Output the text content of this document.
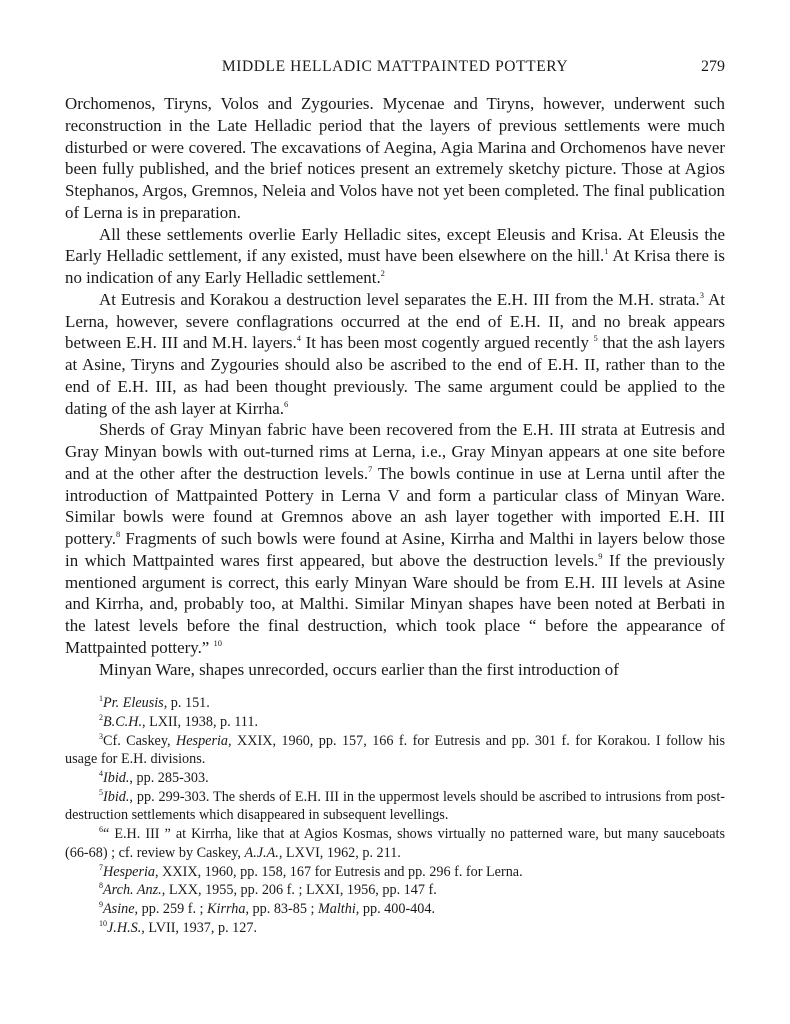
MIDDLE HELLADIC MATTPAINTED POTTERY	279

Orchomenos, Tiryns, Volos and Zygouries. Mycenae and Tiryns, however, underwent such reconstruction in the Late Helladic period that the layers of previous settlements were much disturbed or were covered. The excavations of Aegina, Agia Marina and Orchomenos have never been fully published, and the brief notices present an extremely sketchy picture. Those at Agios Stephanos, Argos, Gremnos, Neleia and Volos have not yet been completed. The final publication of Lerna is in preparation.

All these settlements overlie Early Helladic sites, except Eleusis and Krisa. At Eleusis the Early Helladic settlement, if any existed, must have been elsewhere on the hill.$^1$ At Krisa there is no indication of any Early Helladic settlement.$^2$

At Eutresis and Korakou a destruction level separates the E.H. III from the M.H. strata.$^3$ At Lerna, however, severe conflagrations occurred at the end of E.H. II, and no break appears between E.H. III and M.H. layers.$^4$ It has been most cogently argued recently $^5$ that the ash layers at Asine, Tiryns and Zygouries should also be ascribed to the end of E.H. II, rather than to the end of E.H. III, as had been thought previously. The same argument could be applied to the dating of the ash layer at Kirrha.$^6$

Sherds of Gray Minyan fabric have been recovered from the E.H. III strata at Eutresis and Gray Minyan bowls with out-turned rims at Lerna, i.e., Gray Minyan appears at one site before and at the other after the destruction levels.$^7$ The bowls continue in use at Lerna until after the introduction of Mattpainted Pottery in Lerna V and form a particular class of Minyan Ware. Similar bowls were found at Gremnos above an ash layer together with imported E.H. III pottery.$^8$ Fragments of such bowls were found at Asine, Kirrha and Malthi in layers below those in which Mattpainted wares first appeared, but above the destruction levels.$^9$ If the previously mentioned argument is correct, this early Minyan Ware should be from E.H. III levels at Asine and Kirrha, and, probably too, at Malthi. Similar Minyan shapes have been noted at Berbati in the latest levels before the final destruction, which took place “ before the appearance of Mattpainted pottery.” $^{10}$

Minyan Ware, shapes unrecorded, occurs earlier than the first introduction of

$^1$Pr. Eleusis, p. 151.

$^2$B.C.H., LXII, 1938, p. 111.

$^3$Cf. Caskey, Hesperia, XXIX, 1960, pp. 157, 166 f. for Eutresis and pp. 301 f. for Korakou. I follow his usage for E.H. divisions.

$^4$Ibid., pp. 285-303.

$^5$Ibid., pp. 299-303. The sherds of E.H. III in the uppermost levels should be ascribed to intrusions from post-destruction settlements which disappeared in subsequent levellings.

$^6$“ E.H. III ” at Kirrha, like that at Agios Kosmas, shows virtually no patterned ware, but many sauceboats (66-68) ; cf. review by Caskey, A.J.A., LXVI, 1962, p. 211.

$^7$Hesperia, XXIX, 1960, pp. 158, 167 for Eutresis and pp. 296 f. for Lerna.

$^8$Arch. Anz., LXX, 1955, pp. 206 f. ; LXXI, 1956, pp. 147 f.

$^9$Asine, pp. 259 f. ; Kirrha, pp. 83-85 ; Malthi, pp. 400-404.

$^{10}$J.H.S., LVII, 1937, p. 127.
